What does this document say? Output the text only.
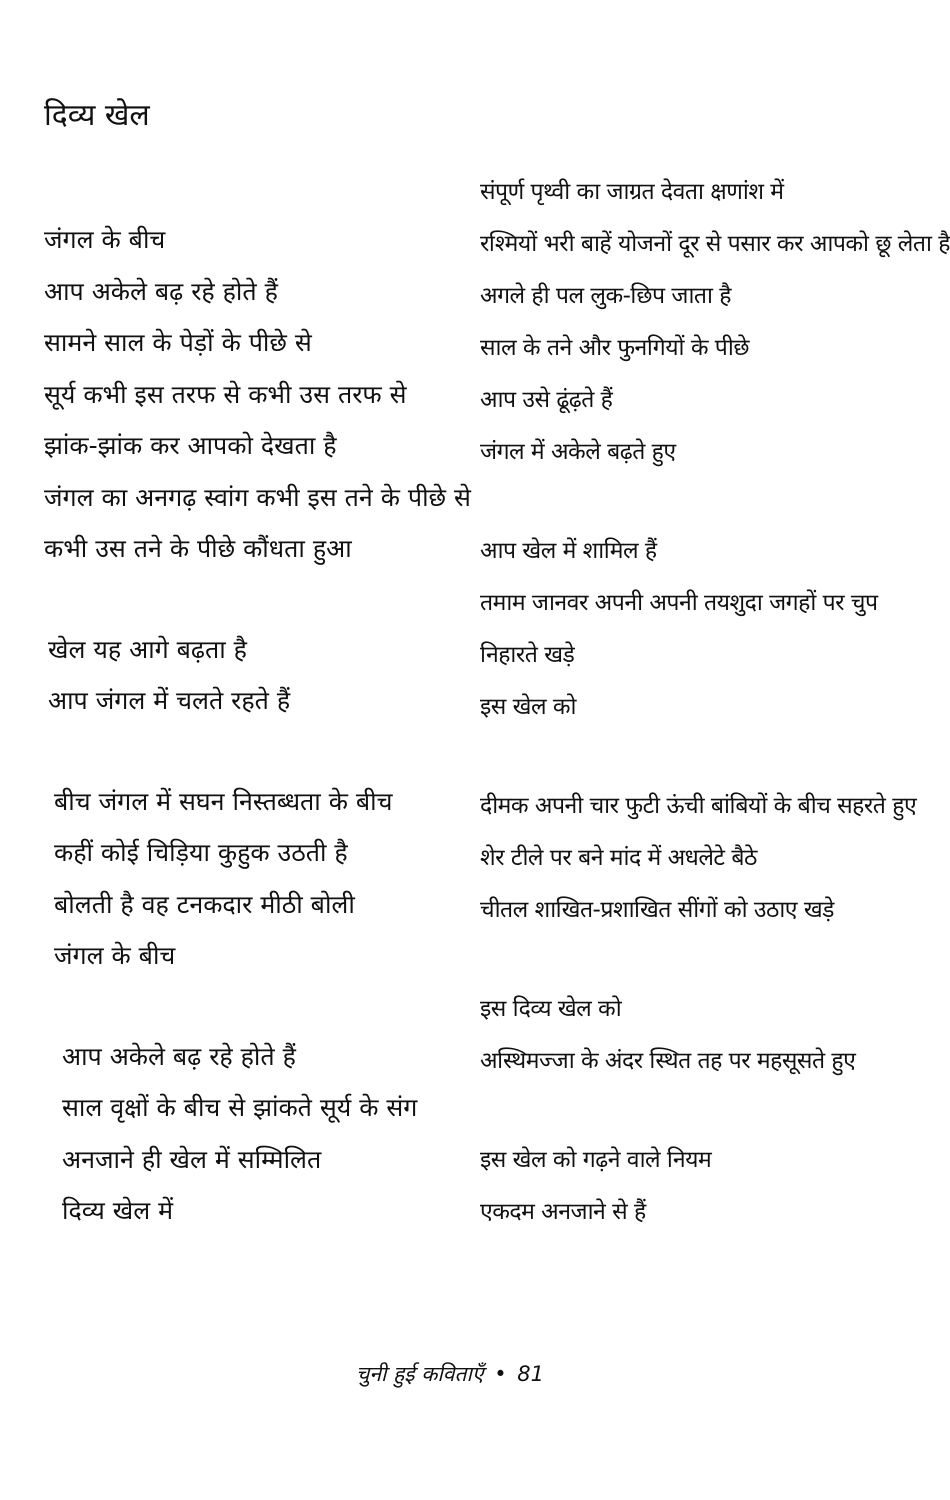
दिव्य खेल
जंगल के बीच
आप अकेले बढ़ रहे होते हैं
सामने साल के पेड़ों के पीछे से
सूर्य कभी इस तरफ से कभी उस तरफ से
झांक-झांक कर आपको देखता है
जंगल का अनगढ़ स्वांग कभी इस तने के पीछे से
कभी उस तने के पीछे कौंधता हुआ
खेल यह आगे बढ़ता है
आप जंगल में चलते रहते हैं
बीच जंगल में सघन निस्तब्धता के बीच
कहीं कोई चिड़िया कुहुक उठती है
बोलती है वह टनकदार मीठी बोली
जंगल के बीच
आप अकेले बढ़ रहे होते हैं
साल वृक्षों के बीच से झांकते सूर्य के संग
अनजाने ही खेल में सम्मिलित
दिव्य खेल में
संपूर्ण पृथ्वी का जाग्रत देवता क्षणांश में
रश्मियों भरी बाहें योजनों दूर से पसार कर आपको छू लेता है
अगले ही पल लुक-छिप जाता है
साल के तने और फुनगियों के पीछे
आप उसे ढूंढ़ते हैं
जंगल में अकेले बढ़ते हुए
आप खेल में शामिल हैं
तमाम जानवर अपनी अपनी तयशुदा जगहों पर चुप
निहारते खड़े
इस खेल को
दीमक अपनी चार फुटी ऊंची बांबियों के बीच सहरते हुए
शेर टीले पर बने मांद में अधलेटे बैठे
चीतल शाखित-प्रशाखित सींगों को उठाए खड़े
इस दिव्य खेल को
अस्थिमज्जा के अंदर स्थित तह पर महसूसते हुए
इस खेल को गढ़ने वाले नियम
एकदम अनजाने से हैं
चुनी हुई कविताएँ • 81
